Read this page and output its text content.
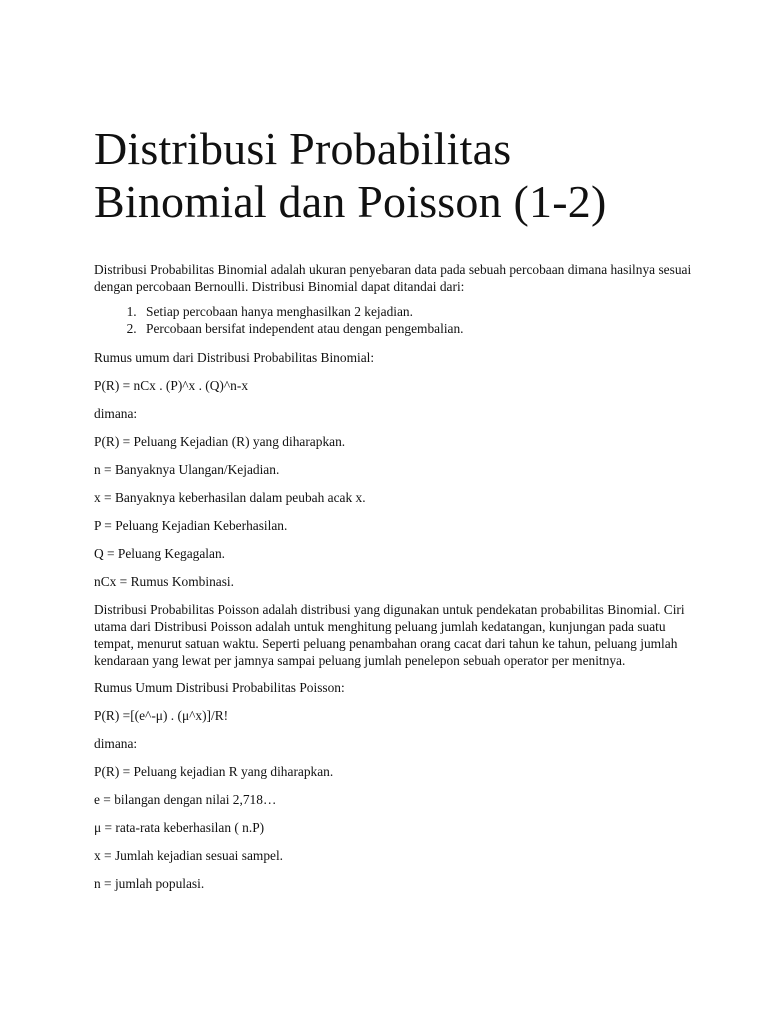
Distribusi Probabilitas
Binomial dan Poisson (1-2)

Distribusi Probabilitas Binomial adalah ukuran penyebaran data pada sebuah percobaan dimana hasilnya sesuai dengan percobaan Bernoulli. Distribusi Binomial dapat ditandai dari:

1. Setiap percobaan hanya menghasilkan 2 kejadian.
2. Percobaan bersifat independent atau dengan pengembalian.

Rumus umum dari Distribusi Probabilitas Binomial:

P(R) = nCx . (P)^x . (Q)^n-x

dimana:

P(R) = Peluang Kejadian (R) yang diharapkan.

n = Banyaknya Ulangan/Kejadian.

x = Banyaknya keberhasilan dalam peubah acak x.

P = Peluang Kejadian Keberhasilan.

Q = Peluang Kegagalan.

nCx = Rumus Kombinasi.

Distribusi Probabilitas Poisson adalah distribusi yang digunakan untuk pendekatan probabilitas Binomial. Ciri utama dari Distribusi Poisson adalah untuk menghitung peluang jumlah kedatangan, kunjungan pada suatu tempat, menurut satuan waktu. Seperti peluang penambahan orang cacat dari tahun ke tahun, peluang jumlah kendaraan yang lewat per jamnya sampai peluang jumlah penelepon sebuah operator per menitnya.

Rumus Umum Distribusi Probabilitas Poisson:

P(R) =[(e^-μ) . (μ^x)]/R!

dimana:

P(R) = Peluang kejadian R yang diharapkan.

e = bilangan dengan nilai 2,718…

μ = rata-rata keberhasilan ( n.P)

x = Jumlah kejadian sesuai sampel.

n = jumlah populasi.
